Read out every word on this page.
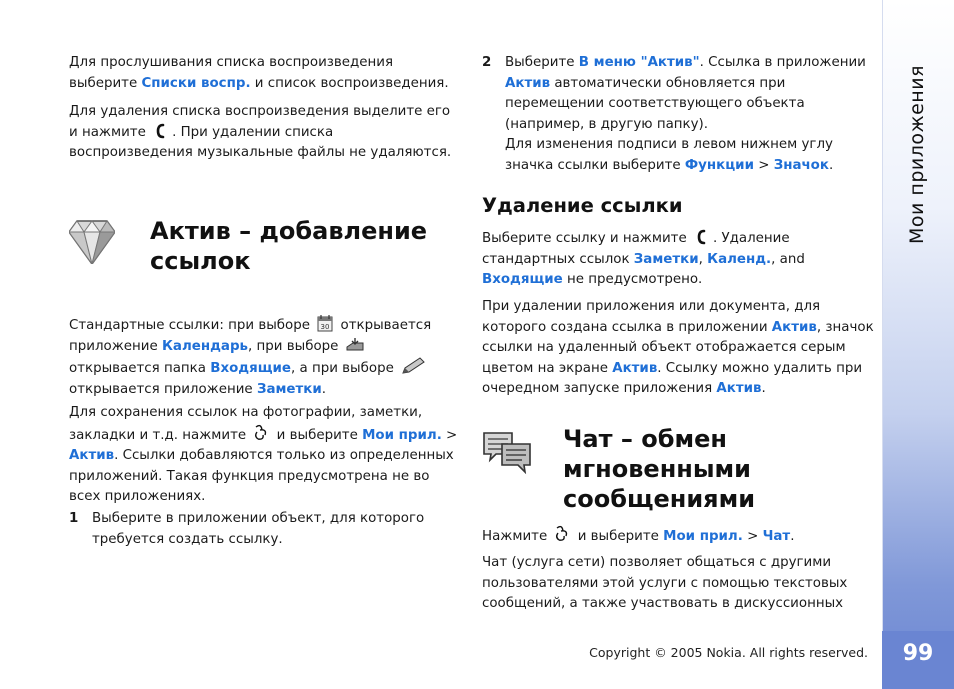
Мои приложения
99

Для прослушивания списка воспроизведения выберите Списки воспр. и список воспроизведения.

Для удаления списка воспроизведения выделите его и нажмите . При удалении списка воспроизведения музыкальные файлы не удаляются.

Актив – добавление ссылок

Стандартные ссылки: при выборе 30 открывается приложение Календарь, при выборе  открывается папка Входящие, а при выборе  открывается приложение Заметки.

Для сохранения ссылок на фотографии, заметки, закладки и т.д. нажмите  и выберите Мои прил. > Актив. Ссылки добавляются только из определенных приложений. Такая функция предусмотрена не во всех приложениях.

1 Выберите в приложении объект, для которого требуется создать ссылку.
2 Выберите В меню "Актив". Ссылка в приложении Актив автоматически обновляется при перемещении соответствующего объекта (например, в другую папку).
Для изменения подписи в левом нижнем углу значка ссылки выберите Функции > Значок.
Удаление ссылки

Выберите ссылку и нажмите . Удаление стандартных ссылок Заметки, Календ., and Входящие не предусмотрено.

При удалении приложения или документа, для которого создана ссылка в приложении Актив, значок ссылки на удаленный объект отображается серым цветом на экране Актив. Ссылку можно удалить при очередном запуске приложения Актив.

Чат – обмен мгновенными сообщениями

Нажмите  и выберите Мои прил. > Чат.

Чат (услуга сети) позволяет общаться с другими пользователями этой услуги с помощью текстовых сообщений, а также участвовать в дискуссионных

Copyright © 2005 Nokia. All rights reserved.
